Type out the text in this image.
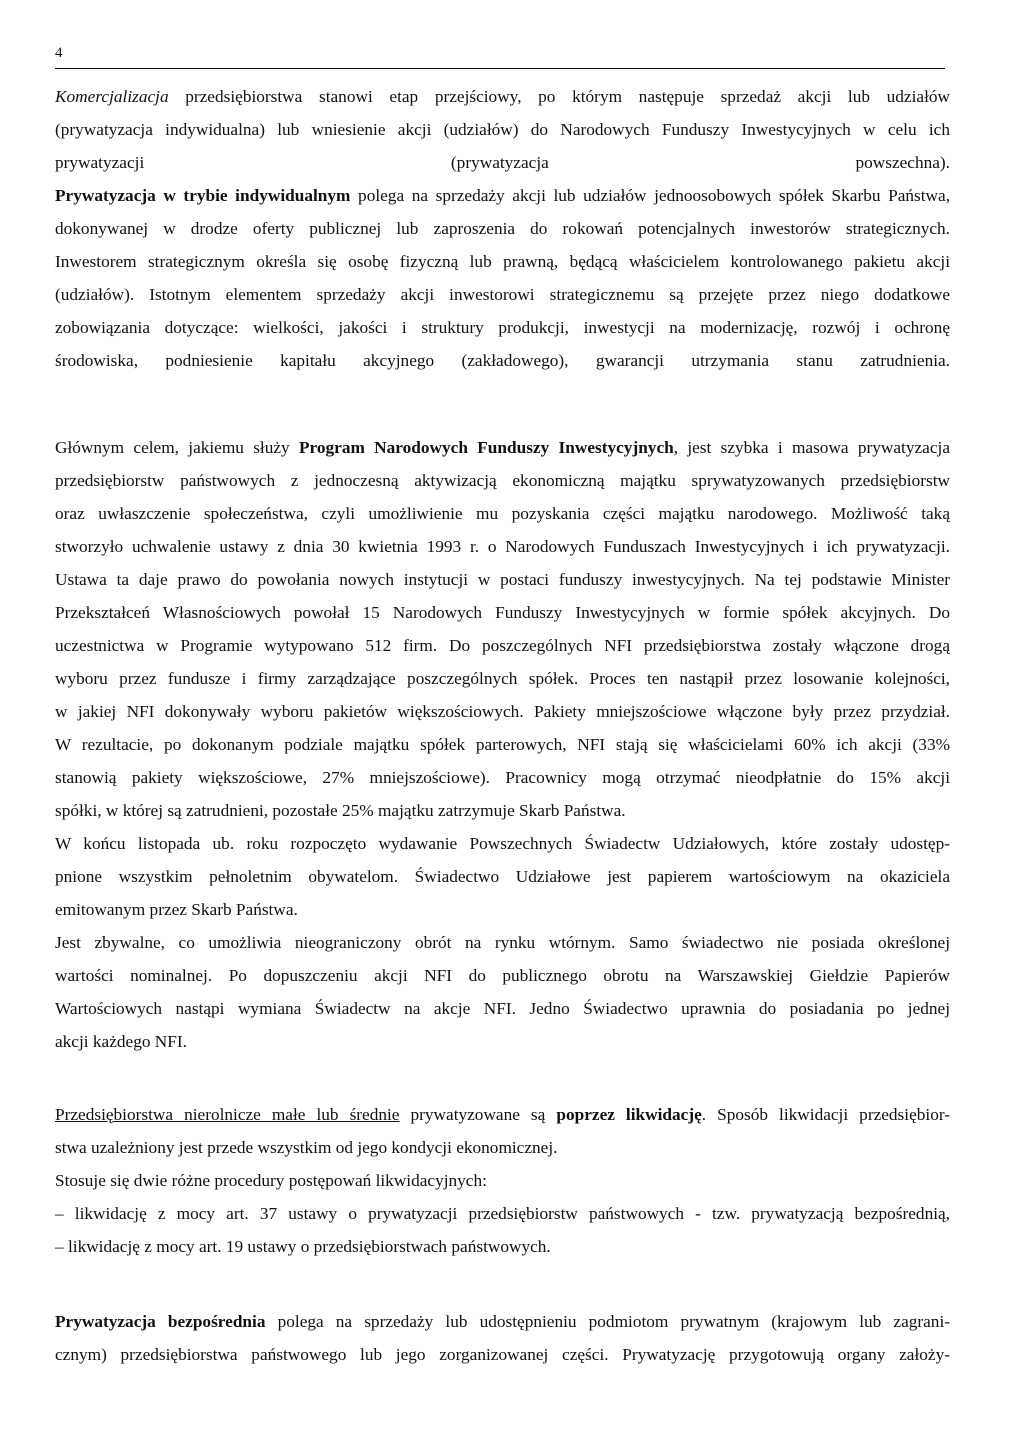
4
Komercjalizacja przedsiębiorstwa stanowi etap przejściowy, po którym następuje sprzedaż akcji lub udziałów
(prywatyzacja indywidualna) lub wniesienie akcji (udziałów) do Narodowych Funduszy Inwestycyjnych w celu ich
prywatyzacji (prywatyzacja powszechna).
Prywatyzacja w trybie indywidualnym polega na sprzedaży akcji lub udziałów jednoosobowych spółek Skarbu Państwa,
dokonywanej w drodze oferty publicznej lub zaproszenia do rokowań potencjalnych inwestorów strategicznych.
Inwestorem strategicznym określa się osobę fizyczną lub prawną, będącą właścicielem kontrolowanego pakietu akcji
(udziałów). Istotnym elementem sprzedaży akcji inwestorowi strategicznemu są przejęte przez niego dodatkowe
zobowiązania dotyczące: wielkości, jakości i struktury produkcji, inwestycji na modernizację, rozwój i ochronę
środowiska, podniesienie kapitału akcyjnego (zakładowego), gwarancji utrzymania stanu zatrudnienia.
Głównym celem, jakiemu służy Program Narodowych Funduszy Inwestycyjnych, jest szybka i masowa prywatyzacja
przedsiębiorstw państwowych z jednoczesną aktywizacją ekonomiczną majątku sprywatyzowanych przedsiębiorstw
oraz uwłaszczenie społeczeństwa, czyli umożliwienie mu pozyskania części majątku narodowego. Możliwość taką
stworzyło uchwalenie ustawy z dnia 30 kwietnia 1993 r. o Narodowych Funduszach Inwestycyjnych i ich prywatyzacji.
Ustawa ta daje prawo do powołania nowych instytucji w postaci funduszy inwestycyjnych. Na tej podstawie Minister
Przekształceń Własnościowych powołał 15 Narodowych Funduszy Inwestycyjnych w formie spółek akcyjnych. Do
uczestnictwa w Programie wytypowano 512 firm. Do poszczególnych NFI przedsiębiorstwa zostały włączone drogą
wyboru przez fundusze i firmy zarządzające poszczególnych spółek. Proces ten nastąpił przez losowanie kolejności,
w jakiej NFI dokonywały wyboru pakietów większościowych. Pakiety mniejszościowe włączone były przez przydział.
W rezultacie, po dokonanym podziale majątku spółek parterowych, NFI stają się właścicielami 60% ich akcji (33%
stanowią pakiety większościowe, 27% mniejszościowe). Pracownicy mogą otrzymać nieodpłatnie do 15% akcji
spółki, w której są zatrudnieni, pozostałe 25% majątku zatrzymuje Skarb Państwa.
W końcu listopada ub. roku rozpoczęto wydawanie Powszechnych Świadectw Udziałowych, które zostały udostęp-
pnione wszystkim pełnoletnim obywatelom. Świadectwo Udziałowe jest papierem wartościowym na okaziciela
emitowanym przez Skarb Państwa.
Jest zbywalne, co umożliwia nieograniczony obrót na rynku wtórnym. Samo świadectwo nie posiada określonej
wartości nominalnej. Po dopuszczeniu akcji NFI do publicznego obrotu na Warszawskiej Giełdzie Papierów
Wartościowych nastąpi wymiana Świadectw na akcje NFI. Jedno Świadectwo uprawnia do posiadania po jednej
akcji każdego NFI.
Przedsiębiorstwa nierolnicze małe lub średnie prywatyzowane są poprzez likwidację. Sposób likwidacji przedsiębior-
stwa uzależniony jest przede wszystkim od jego kondycji ekonomicznej.
Stosuje się dwie różne procedury postępowań likwidacyjnych:
– likwidację z mocy art. 37 ustawy o prywatyzacji przedsiębiorstw państwowych - tzw. prywatyzacją bezpośrednią,
– likwidację z mocy art. 19 ustawy o przedsiębiorstwach państwowych.
Prywatyzacja bezpośrednia polega na sprzedaży lub udostępnieniu podmiotom prywatnym (krajowym lub zagrani-
cznym) przedsiębiorstwa państwowego lub jego zorganizowanej części. Prywatyzację przygotowują organy założy-
